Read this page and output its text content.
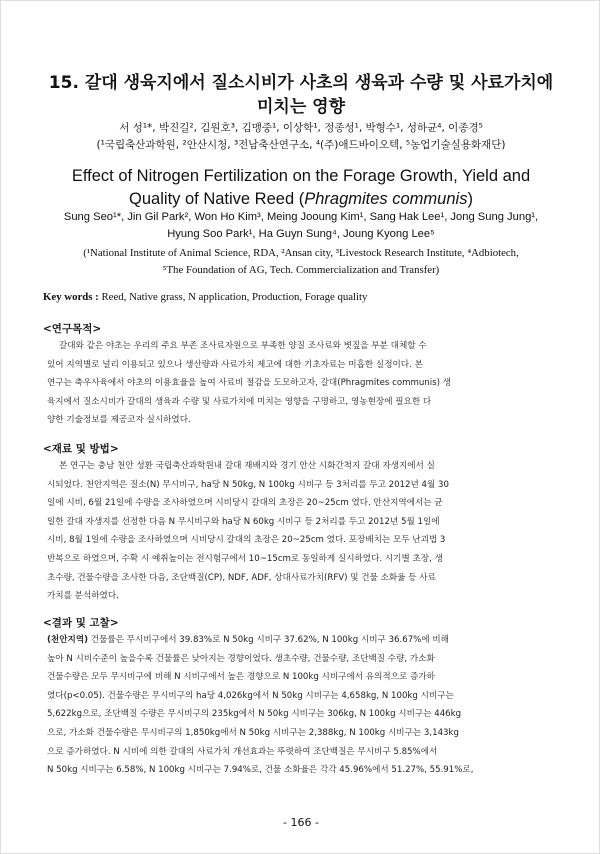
15. 갈대 생육지에서 질소시비가 사초의 생육과 수량 및 사료가치에
미치는 영향
서 성¹*, 박진길², 김원호³, 김맹중¹, 이상학¹, 정종성¹, 박형수¹, 성하균⁴, 이종경⁵
(¹국립축산과학원, ²안산시청, ³전남축산연구소, ⁴(주)애드바이오텍, ⁵농업기술실용화재단)
Effect of Nitrogen Fertilization on the Forage Growth, Yield and
Quality of Native Reed (Phragmites communis)
Sung Seo¹*, Jin Gil Park², Won Ho Kim³, Meing Jooung Kim¹, Sang Hak Lee¹, Jong Sung Jung¹,
Hyung Soo Park¹, Ha Guyn Sung⁴, Joung Kyong Lee⁵
(¹National Institute of Animal Science, RDA, ²Ansan city, ³Livestock Research Institute, ⁴Adbiotech,
⁵The Foundation of AG, Tech. Commercialization and Transfer)
Key words : Reed, Native grass, N application, Production, Forage quality
<연구목적>
갈대와 같은 야초는 우리의 주요 부존 조사료자원으로 부족한 양질 조사료와 볏짚을 부분 대체할 수
있어 지역별로 널리 이용되고 있으나 생산량과 사료가치 제고에 대한 기초자료는 미흡한 실정이다. 본
연구는 축우사육에서 야초의 이용효율을 높여 사료비 절감을 도모하고자, 갈대(Phragmites communis) 생
육지에서 질소시비가 갈대의 생육과 수량 및 사료가치에 미치는 영향을 구명하고, 영농현장에 필요한 다
양한 기술정보를 제공코자 실시하였다.
<재료 및 방법>
본 연구는 충남 천안 성환 국립축산과학원내 갈대 재배지와 경기 안산 시화간척지 갈대 자생지에서 실
시되었다. 천안지역은 질소(N) 무시비구, ha당 N 50kg, N 100kg 시비구 등 3처리를 두고 2012년 4월 30
일에 시비, 6월 21일에 수량을 조사하였으며 시비당시 갈대의 초장은 20~25cm 였다. 안산지역에서는 균
일한 갈대 자생지를 선정한 다음 N 무시비구와 ha당 N 60kg 시비구 등 2처리를 두고 2012년 5월 1일에
시비, 8월 1일에 수량을 조사하였으며 시비당시 갈대의 초장은 20~25cm 였다. 포장배치는 모두 난괴법 3
반복으로 하였으며, 수확 시 예취높이는 전시험구에서 10~15cm로 동일하게 실시하였다. 시기별 초장, 생
초수량, 건물수량을 조사한 다음, 조단백질(CP), NDF, ADF, 상대사료가치(RFV) 및 건물 소화율 등 사료
가치를 분석하였다.
<결과 및 고찰>
(천안지역) 건물률은 무시비구에서 39.83%로 N 50kg 시비구 37.62%, N 100kg 시비구 36.67%에 비해
높아 N 시비수준이 높을수록 건물률은 낮아지는 경향이었다. 생초수량, 건물수량, 조단백질 수량, 가소화
건물수량은 모두 무시비구에 비해 N 시비구에서 높은 경향으로 N 100kg 시비구에서 유의적으로 증가하
였다(p<0.05). 건물수량은 무시비구의 ha당 4,026kg에서 N 50kg 시비구는 4,658kg, N 100kg 시비구는
5,622kg으로, 조단백질 수량은 무시비구의 235kg에서 N 50kg 시비구는 306kg, N 100kg 시비구는 446kg
으로, 가소화 건물수량은 무시비구의 1,850kg에서 N 50kg 시비구는 2,388kg, N 100kg 시비구는 3,143kg
으로 증가하였다. N 시비에 의한 갈대의 사료가치 개선효과는 뚜렷하여 조단백질은 무시비구 5.85%에서
N 50kg 시비구는 6.58%, N 100kg 시비구는 7.94%로, 건물 소화율은 각각 45.96%에서 51.27%, 55.91%로,
- 166 -
